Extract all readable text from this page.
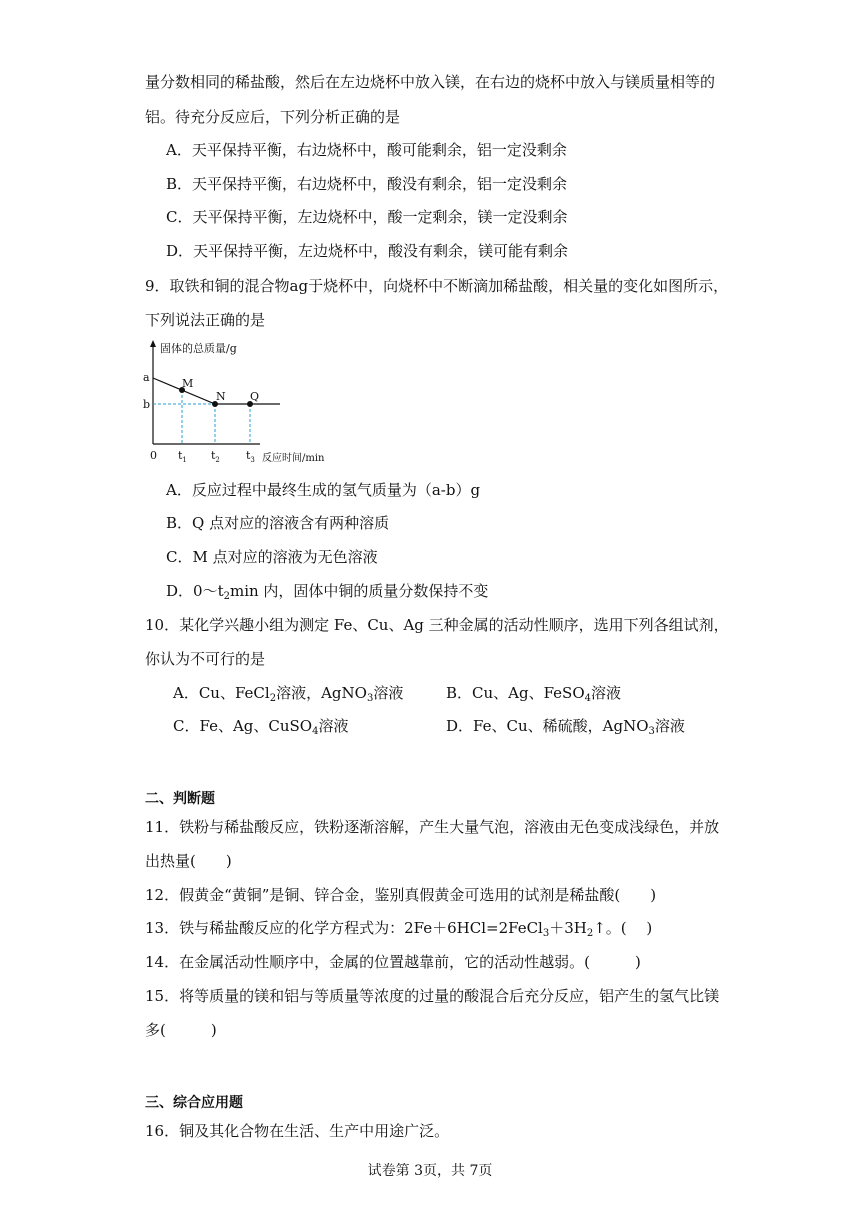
量分数相同的稀盐酸，然后在左边烧杯中放入镁，在右边的烧杯中放入与镁质量相等的
铝。待充分反应后，下列分析正确的是
A．天平保持平衡，右边烧杯中，酸可能剩余，铝一定没剩余
B．天平保持平衡，右边烧杯中，酸没有剩余，铝一定没剩余
C．天平保持平衡，左边烧杯中，酸一定剩余，镁一定没剩余
D．天平保持平衡，左边烧杯中，酸没有剩余，镁可能有剩余
9．取铁和铜的混合物ag于烧杯中，向烧杯中不断滴加稀盐酸，相关量的变化如图所示，
下列说法正确的是
固体的总质量/g
a
b
M
N Q
0 $t_1$ $t_2$ $t_3$ 反应时间/min
A．反应过程中最终生成的氢气质量为（a-b）g
B．Q 点对应的溶液含有两种溶质
C．M 点对应的溶液为无色溶液
D．$0\sim t_2\min$ 内，固体中铜的质量分数保持不变
10．某化学兴趣小组为测定 Fe、Cu、Ag 三种金属的活动性顺序，选用下列各组试剂，
你认为不可行的是
A．Cu、FeCl$_2$溶液，AgNO$_3$溶液	B．Cu、Ag、FeSO$_4$溶液
C．Fe、Ag、CuSO$_4$溶液	D．Fe、Cu、稀硫酸，AgNO$_3$溶液
二、判断题
11．铁粉与稀盐酸反应，铁粉逐渐溶解，产生大量气泡，溶液由无色变成浅绿色，并放
出热量(　　)
12．假黄金“黄铜”是铜、锌合金，鉴别真假黄金可选用的试剂是稀盐酸(　　)
13．铁与稀盐酸反应的化学方程式为：$2Fe+6HCl=2FeCl_3+3H_2↑$。(　 )
14．在金属活动性顺序中，金属的位置越靠前，它的活动性越弱。(　　　)
15．将等质量的镁和铝与等质量等浓度的过量的酸混合后充分反应，铝产生的氢气比镁
多(　　　)
三、综合应用题
16．铜及其化合物在生活、生产中用途广泛。
试卷第 3页，共 7页
